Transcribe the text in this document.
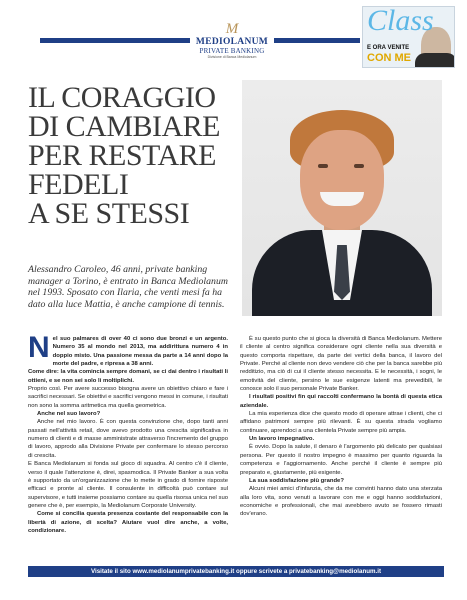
M
MEDIOLANUM
PRIVATE BANKING
Divisione di Banca Mediolanum
Class
E ORA VENITE
CON ME
IL CORAGGIO
DI CAMBIARE
PER RESTARE
FEDELI
A SE STESSI
Alessandro Caroleo, 46 anni, private banking manager a Torino, è entrato in Banca Mediolanum nel 1993. Sposato con Ilaria, che venti mesi fa ha dato alla luce Mattia, è anche campione di tennis.

Nel suo palmares di over 40 ci sono due bronzi e un argento. Numero 35 al mondo nel 2013, ma addirittura numero 4 in doppio misto. Una passione messa da parte a 14 anni dopo la morte del padre, e ripresa a 38 anni.

Come dire: la vita comincia sempre domani, se ci dai dentro i risultati li ottieni, e se non sei solo li moltiplichi.

Proprio così. Per avere successo bisogna avere un obiettivo chiaro e fare i sacrifici necessari. Se obiettivi e sacrifici vengono messi in comune, i risultati non sono la somma aritmetica ma quella geometrica.

Anche nel suo lavoro?

Anche nel mio lavoro. È con questa convinzione che, dopo tanti anni passati nell'attività retail, dove avevo prodotto una crescita significativa in numero di clienti e di masse amministrate attraverso l'incremento del gruppo di lavoro, approdo alla Divisione Private per confermare lo stesso percorso di crescita.

E Banca Mediolanum si fonda sul gioco di squadra. Al centro c'è il cliente, verso il quale l'attenzione è, direi, spasmodica. Il Private Banker a sua volta è supportato da un'organizzazione che lo mette in grado di fornire risposte efficaci e pronte al cliente. Il consulente in difficoltà può contare sul supervisore, e tutti insieme possiamo contare su quella risorsa unica nel suo genere che è, per esempio, la Mediolanum Corporate University.

Come si concilia questa presenza costante del responsabile con la libertà di azione, di scelta? Aiutare vuol dire anche, a volte, condizionare.

È su questo punto che si gioca la diversità di Banca Mediolanum. Mettere il cliente al centro significa considerare ogni cliente nella sua diversità e questo comporta rispettare, da parte dei vertici della banca, il lavoro del Private. Perché al cliente non devo vendere ciò che per la banca sarebbe più redditizio, ma ciò di cui il cliente stesso necessita. E le necessità, i sogni, le emotività del cliente, persino le sue esigenze latenti ma prevedibili, le conosce solo il suo personale Private Banker.

I risultati positivi fin qui raccolti confermano la bontà di questa etica aziendale.

La mia esperienza dice che questo modo di operare attrae i clienti, che ci affidano patrimoni sempre più rilevanti. È su questa strada vogliamo continuare, aprendoci a una clientela Private sempre più ampia.

Un lavoro impegnativo.

È ovvio. Dopo la salute, il denaro è l'argomento più delicato per qualsiasi persona. Per questo il nostro impegno è massimo per quanto riguarda la competenza e l'aggiornamento. Anche perché il cliente è sempre più preparato e, giustamente, più esigente.

La sua soddisfazione più grande?

Alcuni miei amici d'infanzia, che da me convinti hanno dato una sterzata alla loro vita, sono venuti a lavorare con me e oggi hanno soddisfazioni, economiche e professionali, che mai avrebbero avuto se fossero rimasti dov'erano.

Visitate il sito www.mediolanumprivatebanking.it oppure scrivete a privatebanking@mediolanum.it
